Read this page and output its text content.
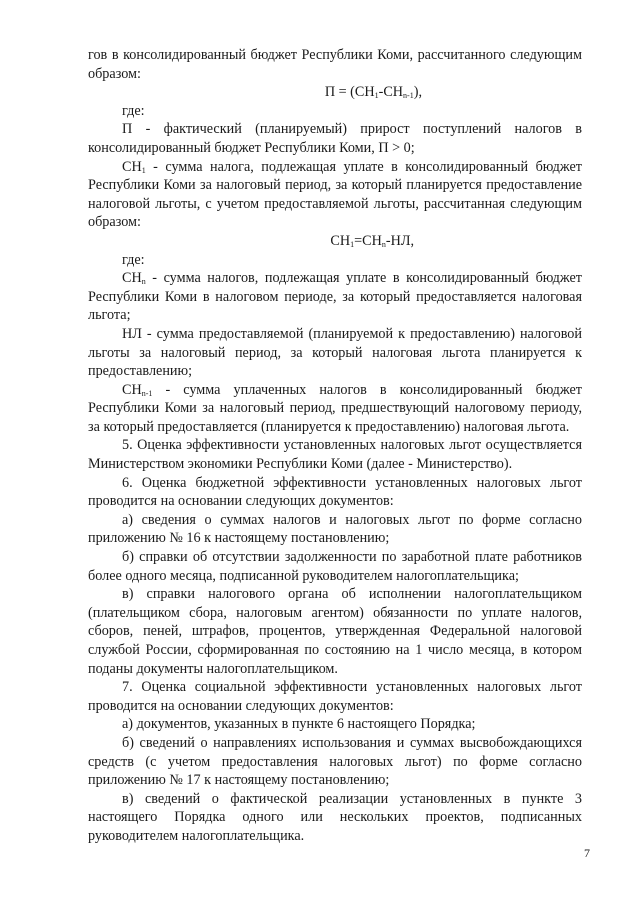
гов в консолидированный бюджет Республики Коми, рассчитанного следующим образом:

$П = (СН_1-СН_{n-1})$,

где:

П - фактический (планируемый) прирост поступлений налогов в консолидированный бюджет Республики Коми, П > 0;

$СН_1$ - сумма налога, подлежащая уплате в консолидированный бюджет Республики Коми за налоговый период, за который планируется предоставление налоговой льготы, с учетом предоставляемой льготы, рассчитанная следующим образом:

$СН_1=СН_n-НЛ$,

где:

$СН_n$ - сумма налогов, подлежащая уплате в консолидированный бюджет Республики Коми в налоговом периоде, за который предоставляется налоговая льгота;

НЛ - сумма предоставляемой (планируемой к предоставлению) налоговой льготы за налоговый период, за который налоговая льгота планируется к предоставлению;

$СН_{n-1}$ - сумма уплаченных налогов в консолидированный бюджет Республики Коми за налоговый период, предшествующий налоговому периоду, за который предоставляется (планируется к предоставлению) налоговая льгота.

5. Оценка эффективности установленных налоговых льгот осуществляется Министерством экономики Республики Коми (далее - Министерство).

6. Оценка бюджетной эффективности установленных налоговых льгот проводится на основании следующих документов:

а) сведения о суммах налогов и налоговых льгот по форме согласно приложению № 16 к настоящему постановлению;

б) справки об отсутствии задолженности по заработной плате работников более одного месяца, подписанной руководителем налогоплательщика;

в) справки налогового органа об исполнении налогоплательщиком (плательщиком сбора, налоговым агентом) обязанности по уплате налогов, сборов, пеней, штрафов, процентов, утвержденная Федеральной налоговой службой России, сформированная по состоянию на 1 число месяца, в котором поданы документы налогоплательщиком.

7. Оценка социальной эффективности установленных налоговых льгот проводится на основании следующих документов:

а) документов, указанных в пункте 6 настоящего Порядка;

б) сведений о направлениях использования и суммах высвобождающихся средств (с учетом предоставления налоговых льгот) по форме согласно приложению № 17 к настоящему постановлению;

в) сведений о фактической реализации установленных в пункте 3 настоящего Порядка одного или нескольких проектов, подписанных руководителем налогоплательщика.

7
